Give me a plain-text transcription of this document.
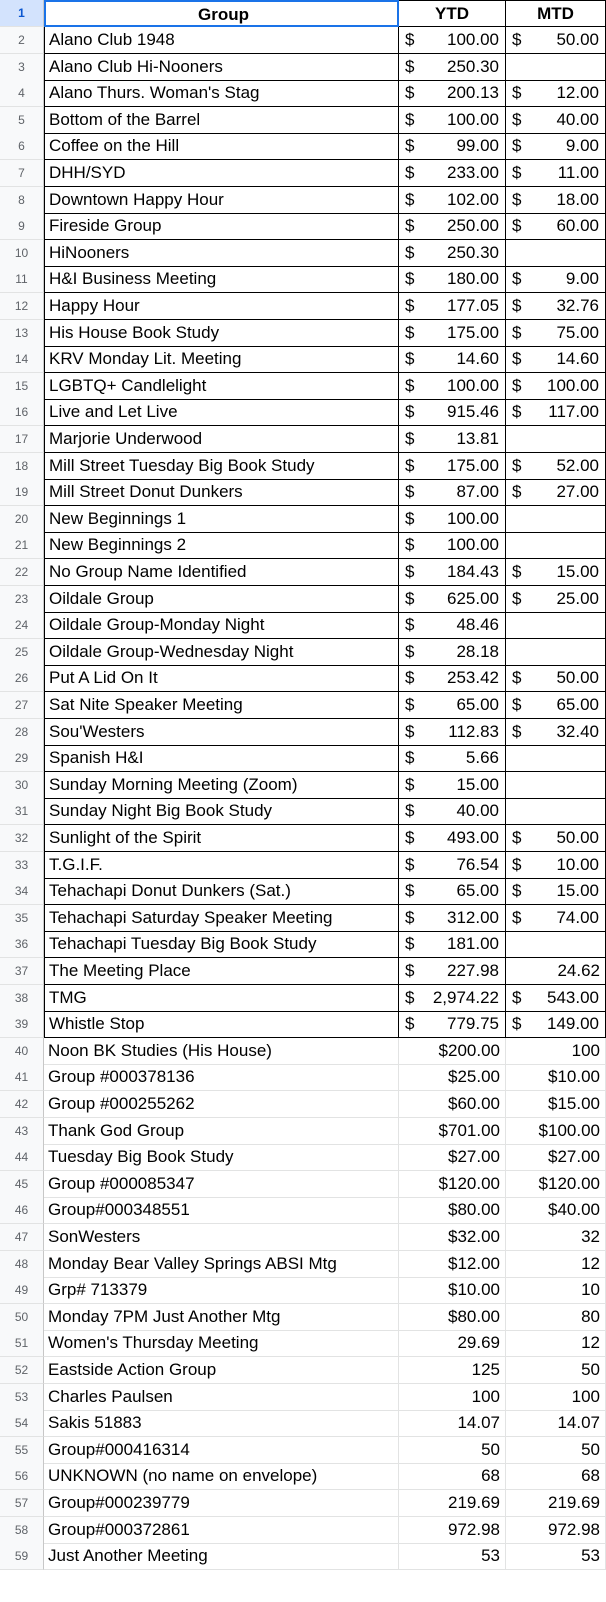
1	Group	YTD	MTD
2	Alano Club 1948	$ 100.00 $ 50.00
3	Alano Club Hi-Nooners	$ 250.30
4	Alano Thurs. Woman's Stag	$ 200.13 $ 12.00
5	Bottom of the Barrel	$ 100.00 $ 40.00
6	Coffee on the Hill	$ 99.00 $	9.00
7	DHH/SYD	$ 233.00 $ 11.00
8	Downtown Happy Hour	$ 102.00 $ 18.00
9	Fireside Group	$ 250.00 $ 60.00
10	HiNooners	$ 250.30
11	H&I Business Meeting	$ 180.00 $	9.00
12	Happy Hour	$ 177.05 $ 32.76
13	His House Book Study	$ 175.00 $ 75.00
14	KRV Monday Lit. Meeting	$ 14.60 $ 14.60
15	LGBTQ+ Candlelight	$ 100.00 $ 100.00
16	Live and Let Live	$ 915.46 $ 117.00
17	Marjorie Underwood	$ 13.81
18	Mill Street Tuesday Big Book Study	$ 175.00 $ 52.00
19	Mill Street Donut Dunkers	$ 87.00 $ 27.00
20	New Beginnings 1	$ 100.00
21	New Beginnings 2	$ 100.00
22	No Group Name Identified	$ 184.43 $ 15.00
23	Oildale Group	$ 625.00 $ 25.00
24	Oildale Group-Monday Night	$ 48.46
25	Oildale Group-Wednesday Night	$ 28.18
26	Put A Lid On It	$ 253.42 $ 50.00
27	Sat Nite Speaker Meeting	$ 65.00 $ 65.00
28	Sou'Westers	$ 112.83 $ 32.40
29	Spanish H&I	$	5.66
30	Sunday Morning Meeting (Zoom)	$ 15.00
31	Sunday Night Big Book Study	$ 40.00
32	Sunlight of the Spirit	$ 493.00 $ 50.00
33	T.G.I.F.	$ 76.54 $ 10.00
34	Tehachapi Donut Dunkers (Sat.)	$ 65.00 $ 15.00
35	Tehachapi Saturday Speaker Meeting	$ 312.00 $ 74.00
36	Tehachapi Tuesday Big Book Study	$ 181.00
37	The Meeting Place	$ 227.98	24.62
38	TMG	$ 2,974.22 $ 543.00
39	Whistle Stop	$ 779.75 $ 149.00
40	Noon BK Studies (His House)	$200.00	100
41	Group #000378136	$25.00	$10.00
42	Group #000255262	$60.00	$15.00
43	Thank God Group	$701.00 $100.00
44	Tuesday Big Book Study	$27.00	$27.00
45	Group #000085347	$120.00 $120.00
46	Group#000348551	$80.00	$40.00
47	SonWesters	$32.00	32
48	Monday Bear Valley Springs ABSI Mtg	$12.00	12
49	Grp# 713379	$10.00	10
50	Monday 7PM Just Another Mtg	$80.00	80
51	Women's Thursday Meeting	29.69	12
52	Eastside Action Group	125	50
53	Charles Paulsen	100	100
54	Sakis 51883	14.07	14.07
55	Group#000416314	50	50
56	UNKNOWN (no name on envelope)	68	68
57	Group#000239779	219.69	219.69
58	Group#000372861	972.98	972.98
59	Just Another Meeting	53	53
